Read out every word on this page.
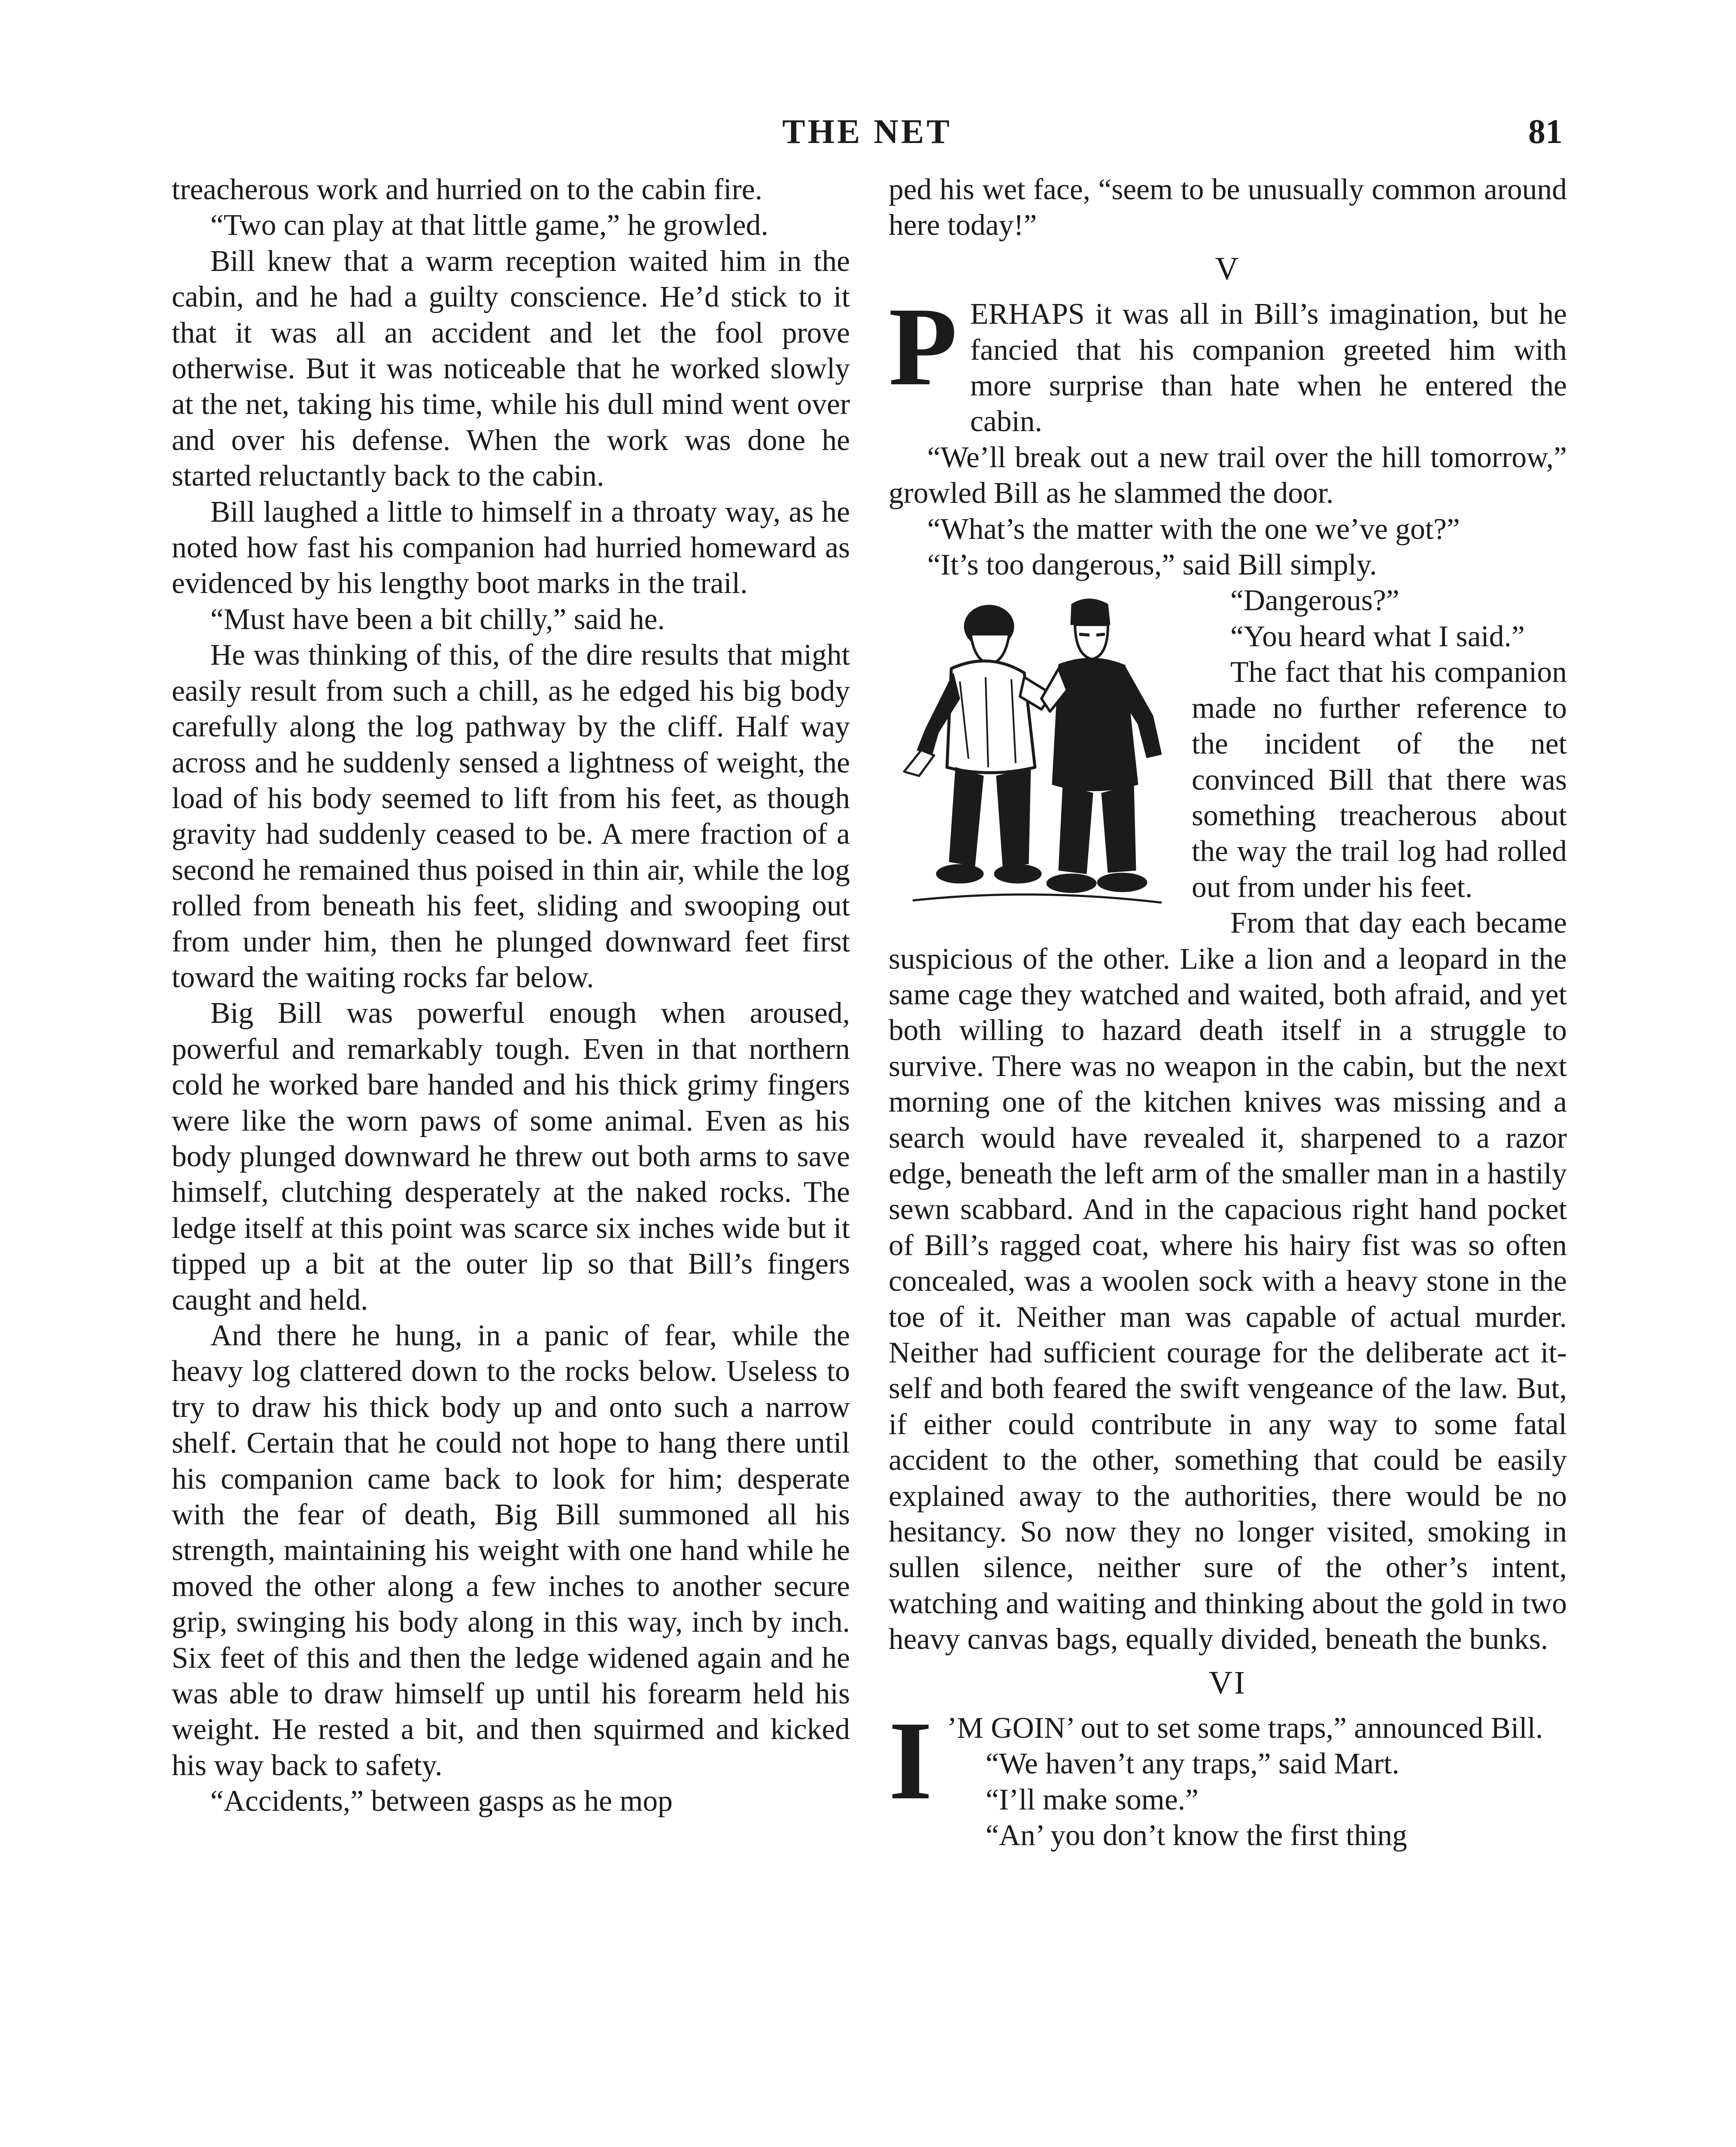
THE NET	81

treacherous work and hurried on to the cabin fire.

“Two can play at that little game,” he growled.

Bill knew that a warm reception waited him in the cabin, and he had a guilty conscience. He’d stick to it that it was all an accident and let the fool prove otherwise. But it was noticeable that he worked slowly at the net, taking his time, while his dull mind went over and over his defense. When the work was done he started reluctantly back to the cabin.

Bill laughed a little to himself in a throaty way, as he noted how fast his companion had hurried homeward as evidenced by his lengthy boot marks in the trail.

“Must have been a bit chilly,” said he.

He was thinking of this, of the dire results that might easily result from such a chill, as he edged his big body carefully along the log pathway by the cliff. Half way across and he suddenly sensed a lightness of weight, the load of his body seemed to lift from his feet, as though gravity had suddenly ceased to be. A mere fraction of a second he remained thus poised in thin air, while the log rolled from beneath his feet, sliding and swooping out from under him, then he plunged downward feet first toward the waiting rocks far below.

Big Bill was powerful enough when aroused, powerful and remarkably tough. Even in that northern cold he worked bare handed and his thick grimy fingers were like the worn paws of some animal. Even as his body plunged downward he threw out both arms to save himself, clutching desperately at the naked rocks. The ledge itself at this point was scarce six inches wide but it tipped up a bit at the outer lip so that Bill’s fingers caught and held.

And there he hung, in a panic of fear, while the heavy log clattered down to the rocks below. Useless to try to draw his thick body up and onto such a narrow shelf. Certain that he could not hope to hang there until his companion came back to look for him; desperate with the fear of death, Big Bill summoned all his strength, maintaining his weight with one hand while he moved the other along a few inches to another secure grip, swinging his body along in this way, inch by inch. Six feet of this and then the ledge widened again and he was able to draw himself up until his forearm held his weight. He rested a bit, and then squirmed and kicked his way back to safety.

“Accidents,” between gasps as he mop

ped his wet face, “seem to be unusually common around here today!”

V

PERHAPS it was all in Bill’s imagination, but he fancied that his companion greeted him with more surprise than hate when he entered the cabin.

“We’ll break out a new trail over the hill tomorrow,” growled Bill as he slammed the door.

“What’s the matter with the one we’ve got?”

“It’s too dangerous,” said Bill simply.

“Dangerous?”

“You heard what I said.”

The fact that his companion made no further reference to the incident of the net convinced Bill that there was something treacherous about the way the trail log had rolled out from under his feet.

From that day each became suspicious of the other. Like a lion and a leopard in the same cage they watched and waited, both afraid, and yet both willing to hazard death itself in a struggle to survive. There was no weapon in the cabin, but the next morning one of the kitchen knives was missing and a search would have revealed it, sharpened to a razor edge, beneath the left arm of the smaller man in a hastily sewn scabbard. And in the capacious right hand pocket of Bill’s ragged coat, where his hairy fist was so often concealed, was a woolen sock with a heavy stone in the toe of it. Neither man was capable of actual murder. Neither had sufficient courage for the deliberate act itself and both feared the swift vengeance of the law. But, if either could contribute in any way to some fatal accident to the other, something that could be easily explained away to the authorities, there would be no hesitancy. So now they no longer visited, smoking in sullen silence, neither sure of the other’s intent, watching and waiting and thinking about the gold in two heavy canvas bags, equally divided, beneath the bunks.

VI

I ’M GOIN’ out to set some traps,” announced Bill.

“We haven’t any traps,” said Mart.

“I’ll make some.”

“An’ you don’t know the first thing
